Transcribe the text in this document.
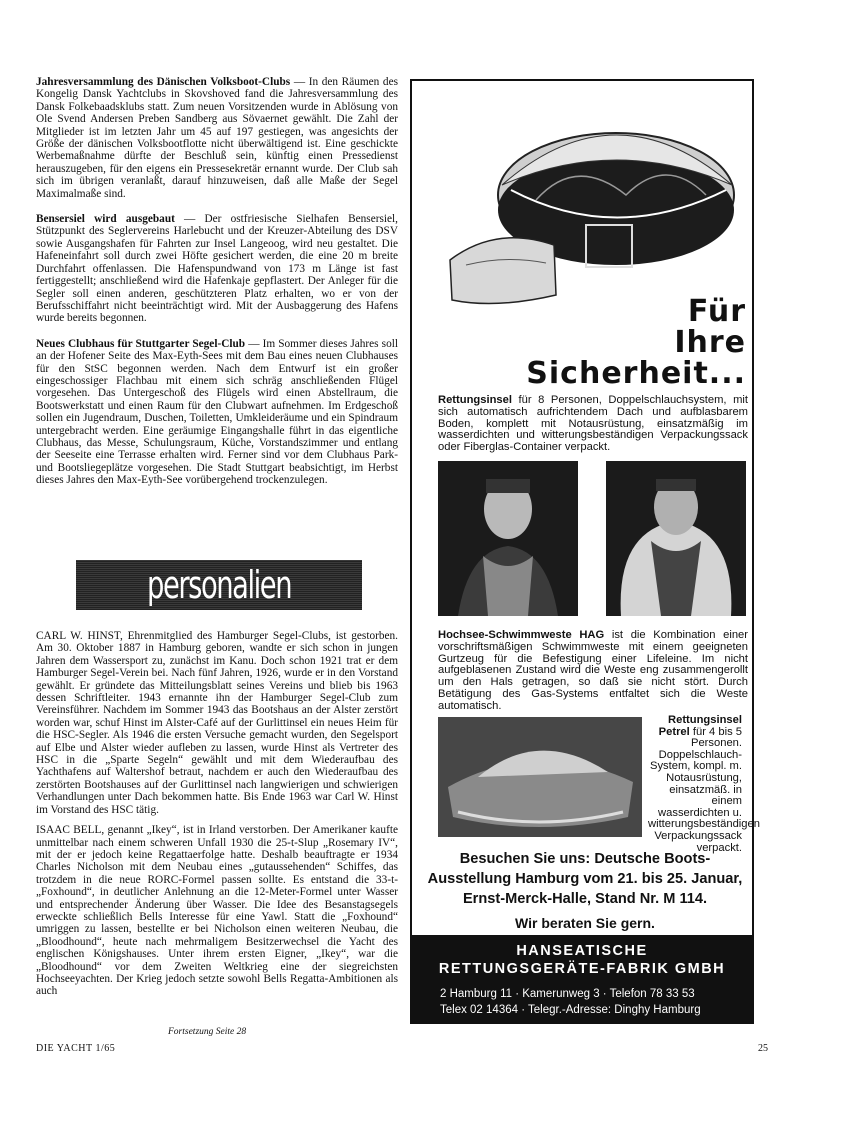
Jahresversammlung des Dänischen Volksboot-Clubs — In den Räumen des Kongelig Dansk Yachtclubs in Skovshoved fand die Jahresversammlung des Dansk Folkebaadsklubs statt. Zum neuen Vorsitzenden wurde in Ablösung von Ole Svend Andersen Preben Sandberg aus Sövaernet gewählt. Die Zahl der Mitglieder ist im letzten Jahr um 45 auf 197 gestiegen, was angesichts der Größe der dänischen Volksbootflotte nicht überwältigend ist. Eine geschickte Werbemaßnahme dürfte der Beschluß sein, künftig einen Pressedienst herauszugeben, für den eigens ein Pressesekretär ernannt wurde. Der Club sah sich im übrigen veranlaßt, darauf hinzuweisen, daß alle Maße der Segel Maximalmaße sind.

Bensersiel wird ausgebaut — Der ostfriesische Sielhafen Bensersiel, Stützpunkt des Seglervereins Harlebucht und der Kreuzer-Abteilung des DSV sowie Ausgangshafen für Fahrten zur Insel Langeoog, wird neu gestaltet. Die Hafeneinfahrt soll durch zwei Höfte gesichert werden, die eine 20 m breite Durchfahrt offenlassen. Die Hafenspundwand von 173 m Länge ist fast fertiggestellt; anschließend wird die Hafenkaje gepflastert. Der Anleger für die Segler soll einen anderen, geschützteren Platz erhalten, wo er von der Berufsschiffahrt nicht beeinträchtigt wird. Mit der Ausbaggerung des Hafens wurde bereits begonnen.

Neues Clubhaus für Stuttgarter Segel-Club — Im Sommer dieses Jahres soll an der Hofener Seite des Max-Eyth-Sees mit dem Bau eines neuen Clubhauses für den StSC begonnen werden. Nach dem Entwurf ist ein großer eingeschossiger Flachbau mit einem sich schräg anschließenden Flügel vorgesehen. Das Untergeschoß des Flügels wird einen Abstellraum, die Bootswerkstatt und einen Raum für den Clubwart aufnehmen. Im Erdgeschoß sollen ein Jugendraum, Duschen, Toiletten, Umkleideräume und ein Spindraum untergebracht werden. Eine geräumige Eingangshalle führt in das eigentliche Clubhaus, das Messe, Schulungsraum, Küche, Vorstandszimmer und entlang der Seeseite eine Terrasse erhalten wird. Ferner sind vor dem Clubhaus Park- und Bootsliegeplätze vorgesehen. Die Stadt Stuttgart beabsichtigt, im Herbst dieses Jahres den Max-Eyth-See vorübergehend trockenzulegen.

personalien

CARL W. HINST, Ehrenmitglied des Hamburger Segel-Clubs, ist gestorben. Am 30. Oktober 1887 in Hamburg geboren, wandte er sich schon in jungen Jahren dem Wassersport zu, zunächst im Kanu. Doch schon 1921 trat er dem Hamburger Segel-Verein bei. Nach fünf Jahren, 1926, wurde er in den Vorstand gewählt. Er gründete das Mitteilungsblatt seines Vereins und blieb bis 1963 dessen Schriftleiter. 1943 ernannte ihn der Hamburger Segel-Club zum Vereinsführer. Nachdem im Sommer 1943 das Bootshaus an der Alster zerstört worden war, schuf Hinst im Alster-Café auf der Gurlittinsel ein neues Heim für die HSC-Segler. Als 1946 die ersten Versuche gemacht wurden, den Segelsport auf Elbe und Alster wieder aufleben zu lassen, wurde Hinst als Vertreter des HSC in die „Sparte Segeln“ gewählt und mit dem Wiederaufbau des Yachthafens auf Waltershof betraut, nachdem er auch den Wiederaufbau des zerstörten Bootshauses auf der Gurlittinsel nach langwierigen und schwierigen Verhandlungen unter Dach bekommen hatte. Bis Ende 1963 war Carl W. Hinst im Vorstand des HSC tätig.

ISAAC BELL, genannt „Ikey“, ist in Irland verstorben. Der Amerikaner kaufte unmittelbar nach einem schweren Unfall 1930 die 25-t-Slup „Rosemary IV“, mit der er jedoch keine Regattaerfolge hatte. Deshalb beauftragte er 1934 Charles Nicholson mit dem Neubau eines „gutaussehenden“ Schiffes, das trotzdem in die neue RORC-Formel passen sollte. Es entstand die 33-t-„Foxhound“, in deutlicher Anlehnung an die 12-Meter-Formel unter Wasser und entsprechender Änderung über Wasser. Die Idee des Besanstagsegels erweckte schließlich Bells Interesse für eine Yawl. Statt die „Foxhound“ umriggen zu lassen, bestellte er bei Nicholson einen weiteren Neubau, die „Bloodhound“, heute nach mehrmaligem Besitzerwechsel die Yacht des englischen Königshauses. Unter ihrem ersten Eigner, „Ikey“, war die „Bloodhound“ vor dem Zweiten Weltkrieg eine der siegreichsten Hochseeyachten. Der Krieg jedoch setzte sowohl Bells Regatta-Ambitionen als auch

Fortsetzung Seite 28
DIE YACHT 1/65	25
Für
Ihre
Sicherheit...
Rettungsinsel für 8 Personen, Doppelschlauchsystem, mit sich automatisch aufrichtendem Dach und aufblasbarem Boden, komplett mit Notausrüstung, einsatzmäßig im wasserdichten und witterungsbeständigen Verpackungssack oder Fiberglas-Container verpackt.
Hochsee-Schwimmweste HAG ist die Kombination einer vorschriftsmäßigen Schwimmweste mit einem geeigneten Gurtzeug für die Befestigung einer Lifeleine. Im nicht aufgeblasenen Zustand wird die Weste eng zusammengerollt um den Hals getragen, so daß sie nicht stört. Durch Betätigung des Gas-Systems entfaltet sich die Weste automatisch.
Rettungsinsel Petrel für 4 bis 5 Personen. Doppelschlauch-System, kompl. m. Notausrüstung, einsatzmäß. in einem wasserdichten u. witterungsbeständigen Verpackungssack verpackt.
Besuchen Sie uns: Deutsche Boots-Ausstellung Hamburg vom 21. bis 25. Januar,
Ernst-Merck-Halle, Stand Nr. M 114.
Wir beraten Sie gern.
HANSEATISCHE
RETTUNGSGERÄTE-FABRIK GMBH
2 Hamburg 11 · Kamerunweg 3 · Telefon 78 33 53
Telex 02 14364 · Telegr.-Adresse: Dinghy Hamburg
